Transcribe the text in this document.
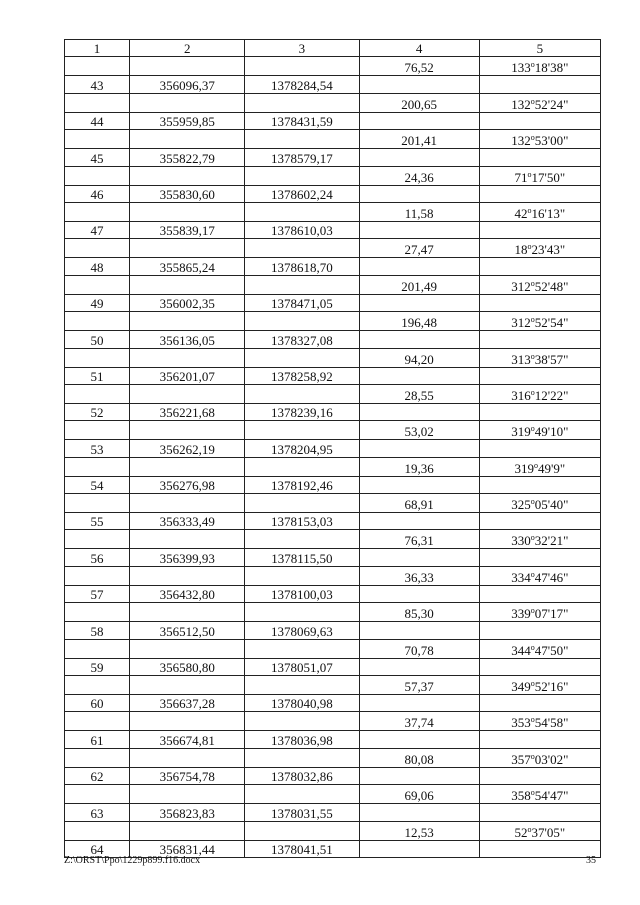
1	2	3	4	5
			76,52	133$^o$18'38"
43	356096,37	1378284,54		
			200,65	132$^o$52'24"
44	355959,85	1378431,59		
			201,41	132$^o$53'00"
45	355822,79	1378579,17		
			24,36	71$^o$17'50"
46	355830,60	1378602,24		
			11,58	42$^o$16'13"
47	355839,17	1378610,03		
			27,47	18$^o$23'43"
48	355865,24	1378618,70		
			201,49	312$^o$52'48"
49	356002,35	1378471,05		
			196,48	312$^o$52'54"
50	356136,05	1378327,08		
			94,20	313$^o$38'57"
51	356201,07	1378258,92		
			28,55	316$^o$12'22"
52	356221,68	1378239,16		
			53,02	319$^o$49'10"
53	356262,19	1378204,95		
			19,36	319$^o$49'9"
54	356276,98	1378192,46		
			68,91	325$^o$05'40"
55	356333,49	1378153,03		
			76,31	330$^o$32'21"
56	356399,93	1378115,50		
			36,33	334$^o$47'46"
57	356432,80	1378100,03		
			85,30	339$^o$07'17"
58	356512,50	1378069,63		
			70,78	344$^o$47'50"
59	356580,80	1378051,07		
			57,37	349$^o$52'16"
60	356637,28	1378040,98		
			37,74	353$^o$54'58"
61	356674,81	1378036,98		
			80,08	357$^o$03'02"
62	356754,78	1378032,86		
			69,06	358$^o$54'47"
63	356823,83	1378031,55		
			12,53	52$^o$37'05"
64	356831,44	1378041,51		
Z:\ORST\Ppo\1229p899.f16.docx	35
